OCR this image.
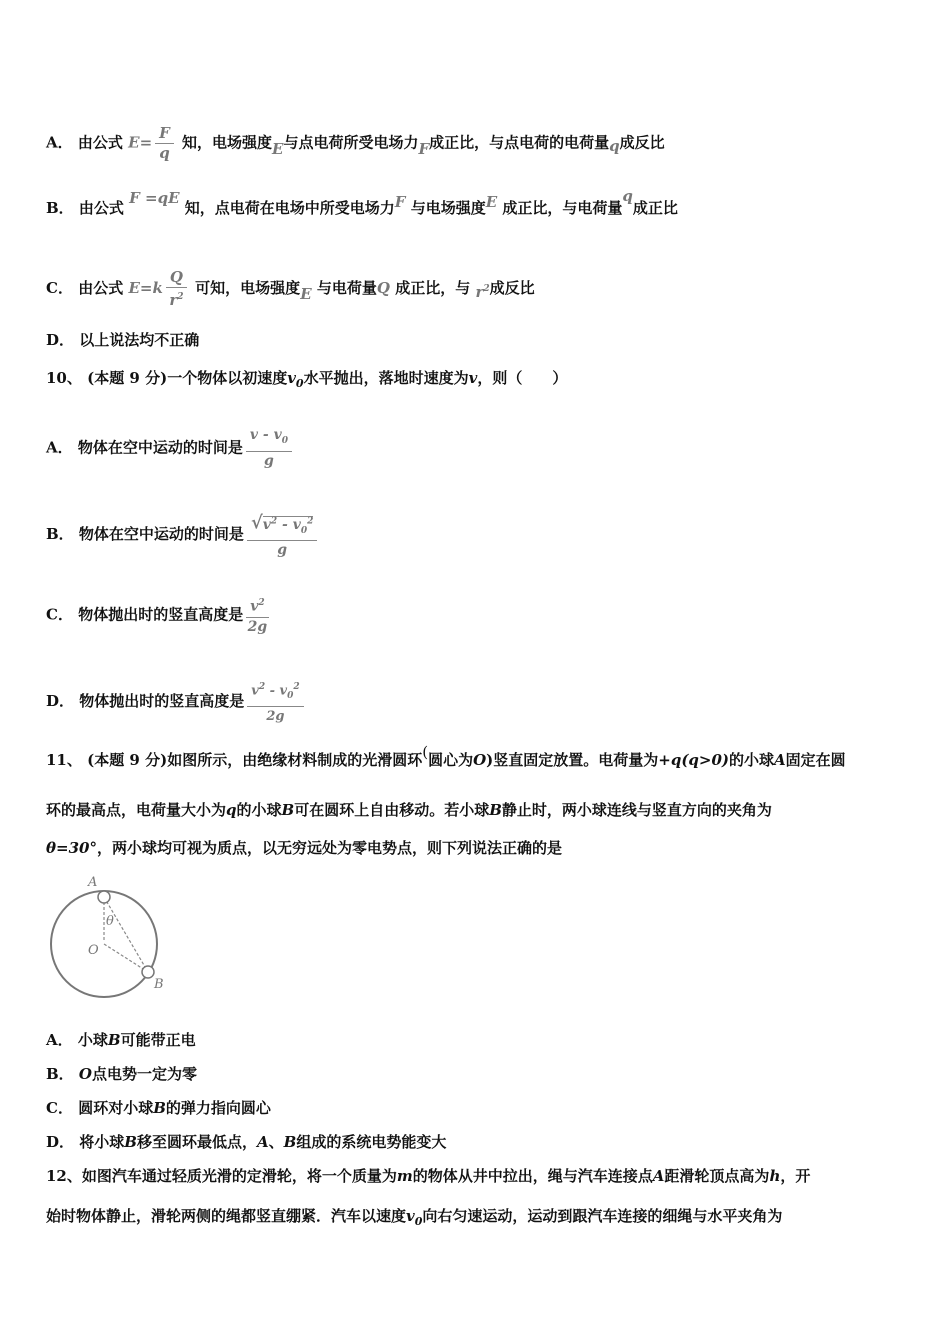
A． 由公式 $E= \frac{F}{q}$ 知，电场强度E与点电荷所受电场力F成正比，与点电荷的电荷量q成反比
B． 由公式 F =qE 知，点电荷在电场中所受电场力F 与电场强度E 成正比，与电荷量q成正比
C． 由公式 $E=k \frac{Q}{r^2}$ 可知，电场强度E 与电荷量Q 成正比，与 $r^2$成反比
D． 以上说法均不正确
10、 (本题 9 分)一个物体以初速度$v_0$水平抛出，落地时速度为v，则（　　）
A． 物体在空中运动的时间是 $\frac{v - v_0}{g}$
B． 物体在空中运动的时间是 $\frac{√v^2 - v_0^2}{g}$
C． 物体抛出时的竖直高度是 $\frac{v^2}{2g}$
D． 物体抛出时的竖直高度是 $\frac{v^2 - v_0^2}{2g}$
11、 (本题 9 分)如图所示，由绝缘材料制成的光滑圆环(圆心为O)竖直固定放置。电荷量为+q(q>0)的小球A固定在圆
环的最高点，电荷量大小为q的小球B可在圆环上自由移动。若小球B静止时，两小球连线与竖直方向的夹角为
θ=30°，两小球均可视为质点，以无穷远处为零电势点，则下列说法正确的是
A
θ
O
B
A． 小球B可能带正电
B． O点电势一定为零
C． 圆环对小球B的弹力指向圆心
D． 将小球B移至圆环最低点，A、B组成的系统电势能变大
12、如图汽车通过轻质光滑的定滑轮，将一个质量为m的物体从井中拉出，绳与汽车连接点A距滑轮顶点高为h，开
始时物体静止，滑轮两侧的绳都竖直绷紧．汽车以速度$v_0$向右匀速运动，运动到跟汽车连接的细绳与水平夹角为
